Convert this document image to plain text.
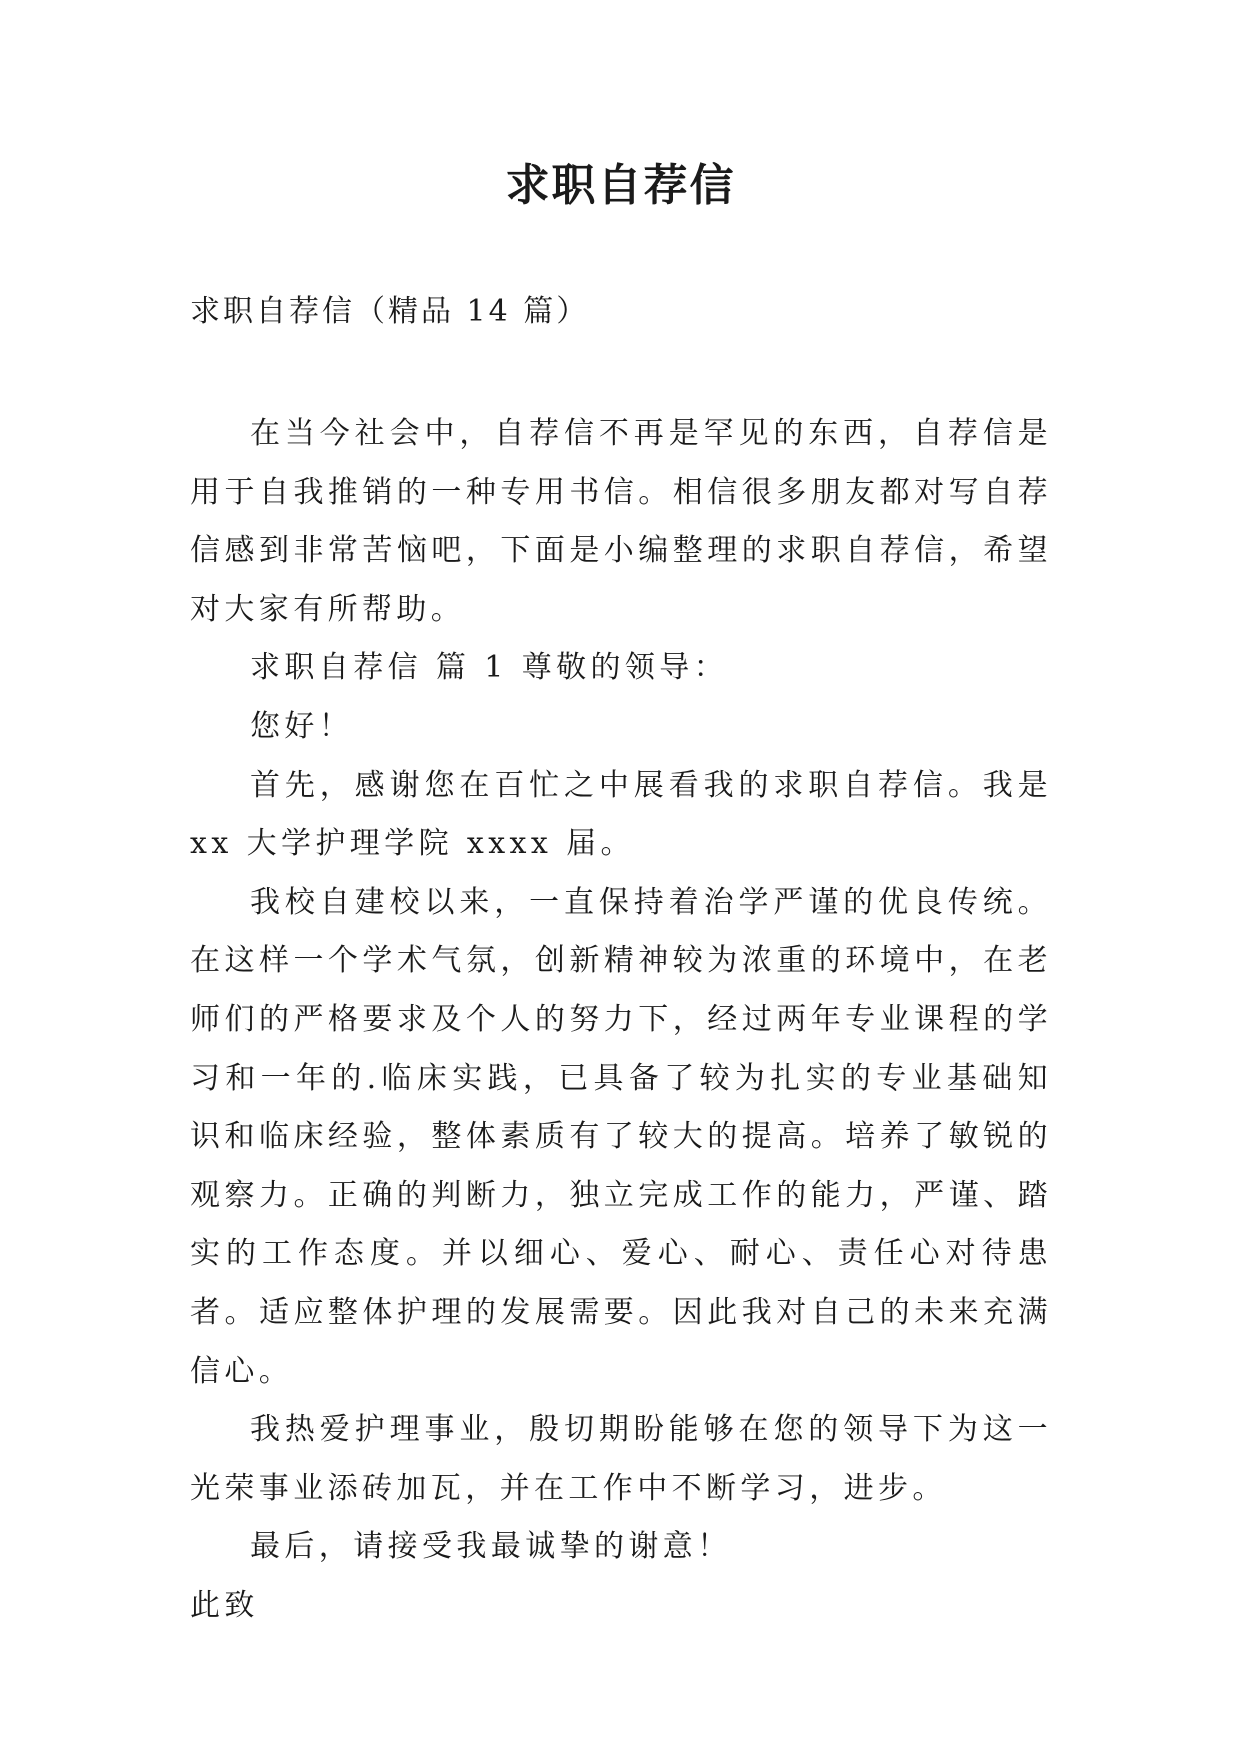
求职自荐信
求职自荐信（精品 14 篇）

在当今社会中，自荐信不再是罕见的东西，自荐信是用于自我推销的一种专用书信。相信很多朋友都对写自荐信感到非常苦恼吧，下面是小编整理的求职自荐信，希望对大家有所帮助。

求职自荐信 篇 1 尊敬的领导：

您好！

首先，感谢您在百忙之中展看我的求职自荐信。我是 xx 大学护理学院 xxxx 届。

我校自建校以来，一直保持着治学严谨的优良传统。在这样一个学术气氛，创新精神较为浓重的环境中，在老师们的严格要求及个人的努力下，经过两年专业课程的学习和一年的.临床实践，已具备了较为扎实的专业基础知识和临床经验，整体素质有了较大的提高。培养了敏锐的观察力。正确的判断力，独立完成工作的能力，严谨、踏实的工作态度。并以细心、爱心、耐心、责任心对待患者。适应整体护理的发展需要。因此我对自己的未来充满信心。

我热爱护理事业，殷切期盼能够在您的领导下为这一光荣事业添砖加瓦，并在工作中不断学习，进步。

最后，请接受我最诚挚的谢意！

此致
